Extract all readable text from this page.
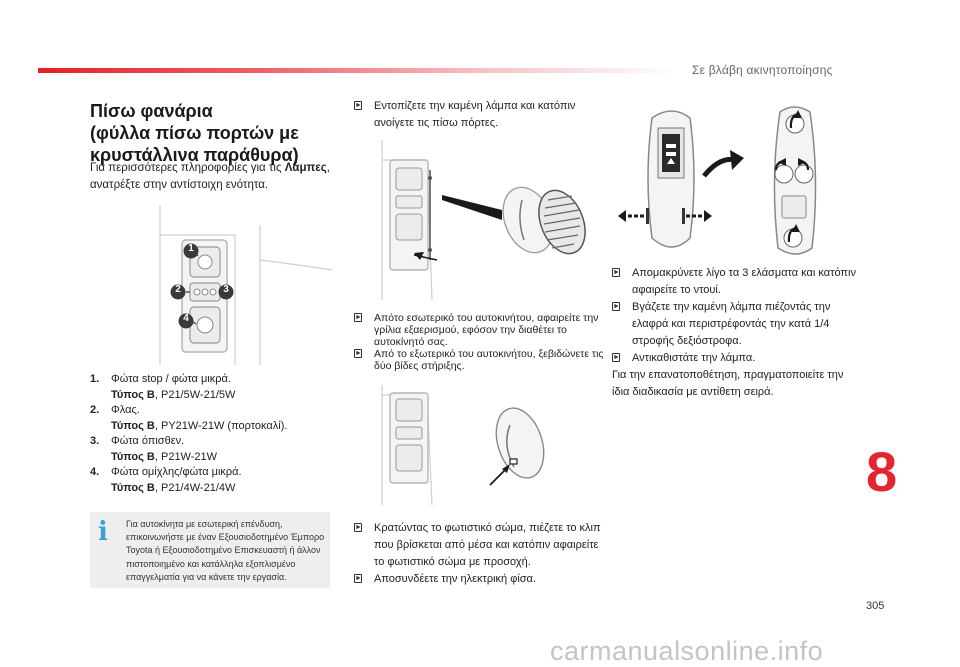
Σε βλάβη ακινητοποίησης
Πίσω φανάρια
(φύλλα πίσω πορτών με
κρυστάλλινα παράθυρα)
Για περισσότερες πληροφορίες για τις Λάμπες,
ανατρέξτε στην αντίστοιχη ενότητα.
1
2	3
4
1. Φώτα stop / φώτα μικρά.
Τύπος B, P21/5W-21/5W
2. Φλας.
Τύπος B, PY21W-21W (πορτοκαλί).
3. Φώτα όπισθεν.
Τύπος B, P21W-21W
4. Φώτα ομίχλης/φώτα μικρά.
Τύπος B, P21/4W-21/4W
i Για αυτοκίνητα με εσωτερική επένδυση, επικοινωνήστε με έναν Εξουσιοδοτημένο Έμπορο Toyota ή Εξουσιοδοτημένο Επισκευαστή ή άλλον πιστοποιημένο και κατάλληλα εξοπλισμένο επαγγελματία για να κάνετε την εργασία.
► Εντοπίζετε την καμένη λάμπα και κατόπιν ανοίγετε τις πίσω πόρτες.
► Απότο εσωτερικό του αυτοκινήτου, αφαιρείτε την γρίλια εξαερισμού, εφόσον την διαθέτει το αυτοκίνητό σας.
► Από το εξωτερικό του αυτοκινήτου, ξεβιδώνετε τις δύο βίδες στήριξης.
► Κρατώντας το φωτιστικό σώμα, πιέζετε το κλιπ που βρίσκεται από μέσα και κατόπιν αφαιρείτε το φωτιστικό σώμα με προσοχή.
► Αποσυνδέετε την ηλεκτρική φίσα.
► Απομακρύνετε λίγο τα 3 ελάσματα και κατόπιν αφαιρείτε το ντουί.
► Βγάζετε την καμένη λάμπα πιέζοντάς την ελαφρά και περιστρέφοντάς την κατά 1/4 στροφής δεξιόστροφα.
► Αντικαθιστάτε την λάμπα.
Για την επανατοποθέτηση, πραγματοποιείτε την ίδια διαδικασία με αντίθετη σειρά.
8
305
carmanualsonline.info
